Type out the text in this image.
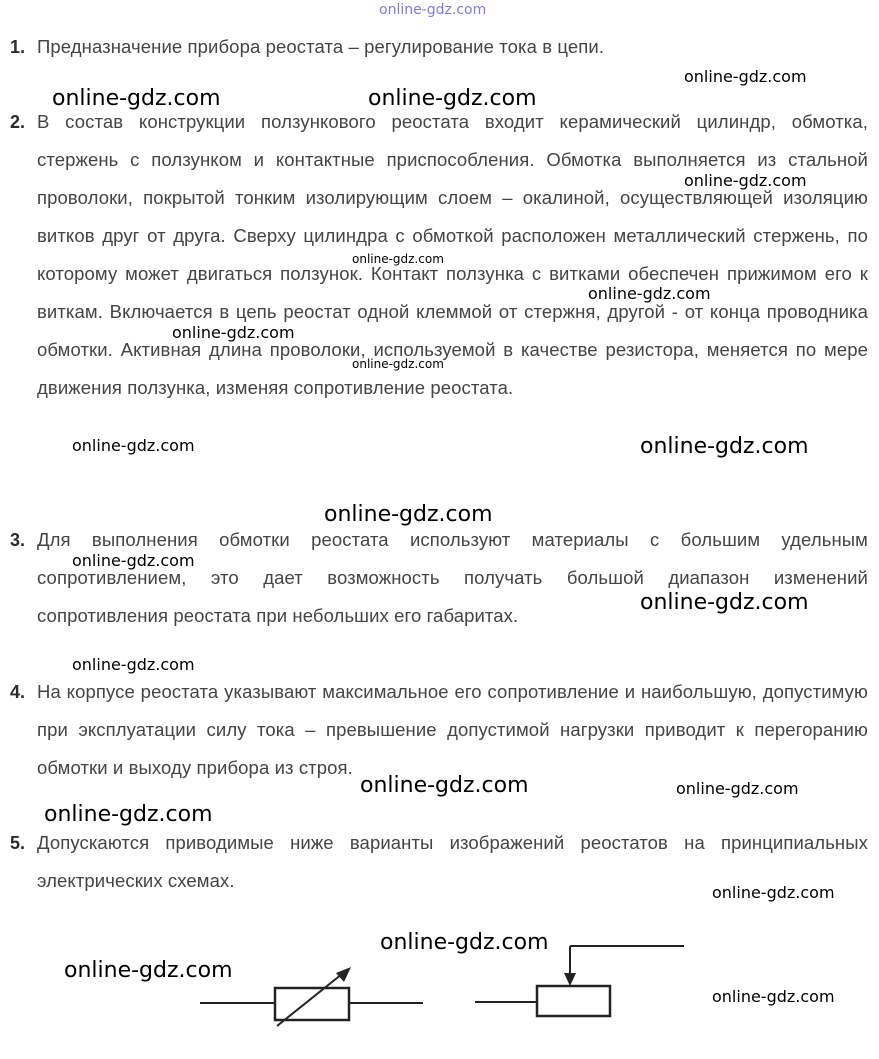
online-gdz.com
1. Предназначение прибора реостата – регулирование тока в цепи.

2. В состав конструкции ползункового реостата входит керамический цилиндр, обмотка, стержень с ползунком и контактные приспособления. Обмотка выполняется из стальной проволоки, покрытой тонким изолирующим слоем – окалиной, осуществляющей изоляцию витков друг от друга. Сверху цилиндра с обмоткой расположен металлический стержень, по которому может двигаться ползунок. Контакт ползунка с витками обеспечен прижимом его к виткам. Включается в цепь реостат одной клеммой от стержня, другой - от конца проводника обмотки. Активная длина проволоки, используемой в качестве резистора, меняется по мере движения ползунка, изменяя сопротивление реостата.

3. Для выполнения обмотки реостата используют материалы с большим удельным сопротивлением, это дает возможность получать большой диапазон изменений сопротивления реостата при небольших его габаритах.

4. На корпусе реостата указывают максимальное его сопротивление и наибольшую, допустимую при эксплуатации силу тока – превышение допустимой нагрузки приводит к перегоранию обмотки и выходу прибора из строя.

5. Допускаются приводимые ниже варианты изображений реостатов на принципиальных электрических схемах.

online-gdz.com
online-gdz.com	online-gdz.com
online-gdz.com
online-gdz.com
online-gdz.com
online-gdz.com
online-gdz.com
online-gdz.com	online-gdz.com
online-gdz.com
online-gdz.com
online-gdz.com
online-gdz.com
online-gdz.com	online-gdz.com
online-gdz.com
online-gdz.com
online-gdz.com
online-gdz.com
online-gdz.com
